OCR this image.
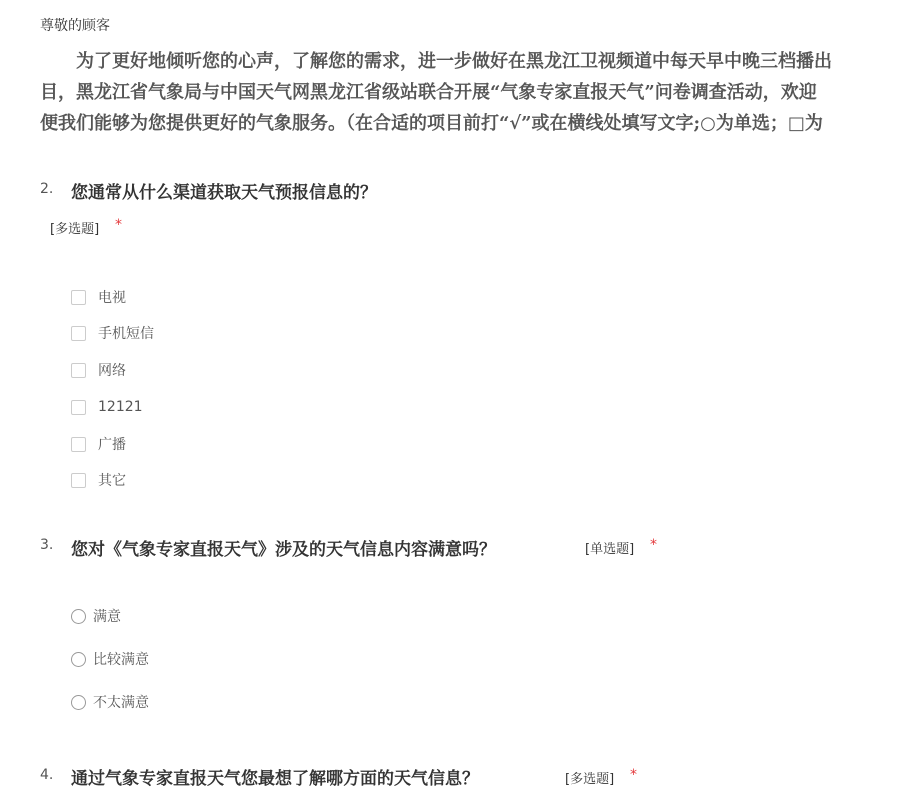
尊敬的顾客
　　为了更好地倾听您的心声，了解您的需求，进一步做好在黑龙江卫视频道中每天早中晚三档播出
目，黑龙江省气象局与中国天气网黑龙江省级站联合开展“气象专家直报天气”问卷调查活动，欢迎
便我们能够为您提供更好的气象服务。（在合适的项目前打“√”或在横线处填写文字;○为单选；□为
2. 您通常从什么渠道获取天气预报信息的？
[多选题] *
电视
手机短信
网络
12121
广播
其它
3. 您对《气象专家直报天气》涉及的天气信息内容满意吗？	[单选题] *
满意
比较满意
不太满意
4. 通过气象专家直报天气您最想了解哪方面的天气信息？	[多选题] *
